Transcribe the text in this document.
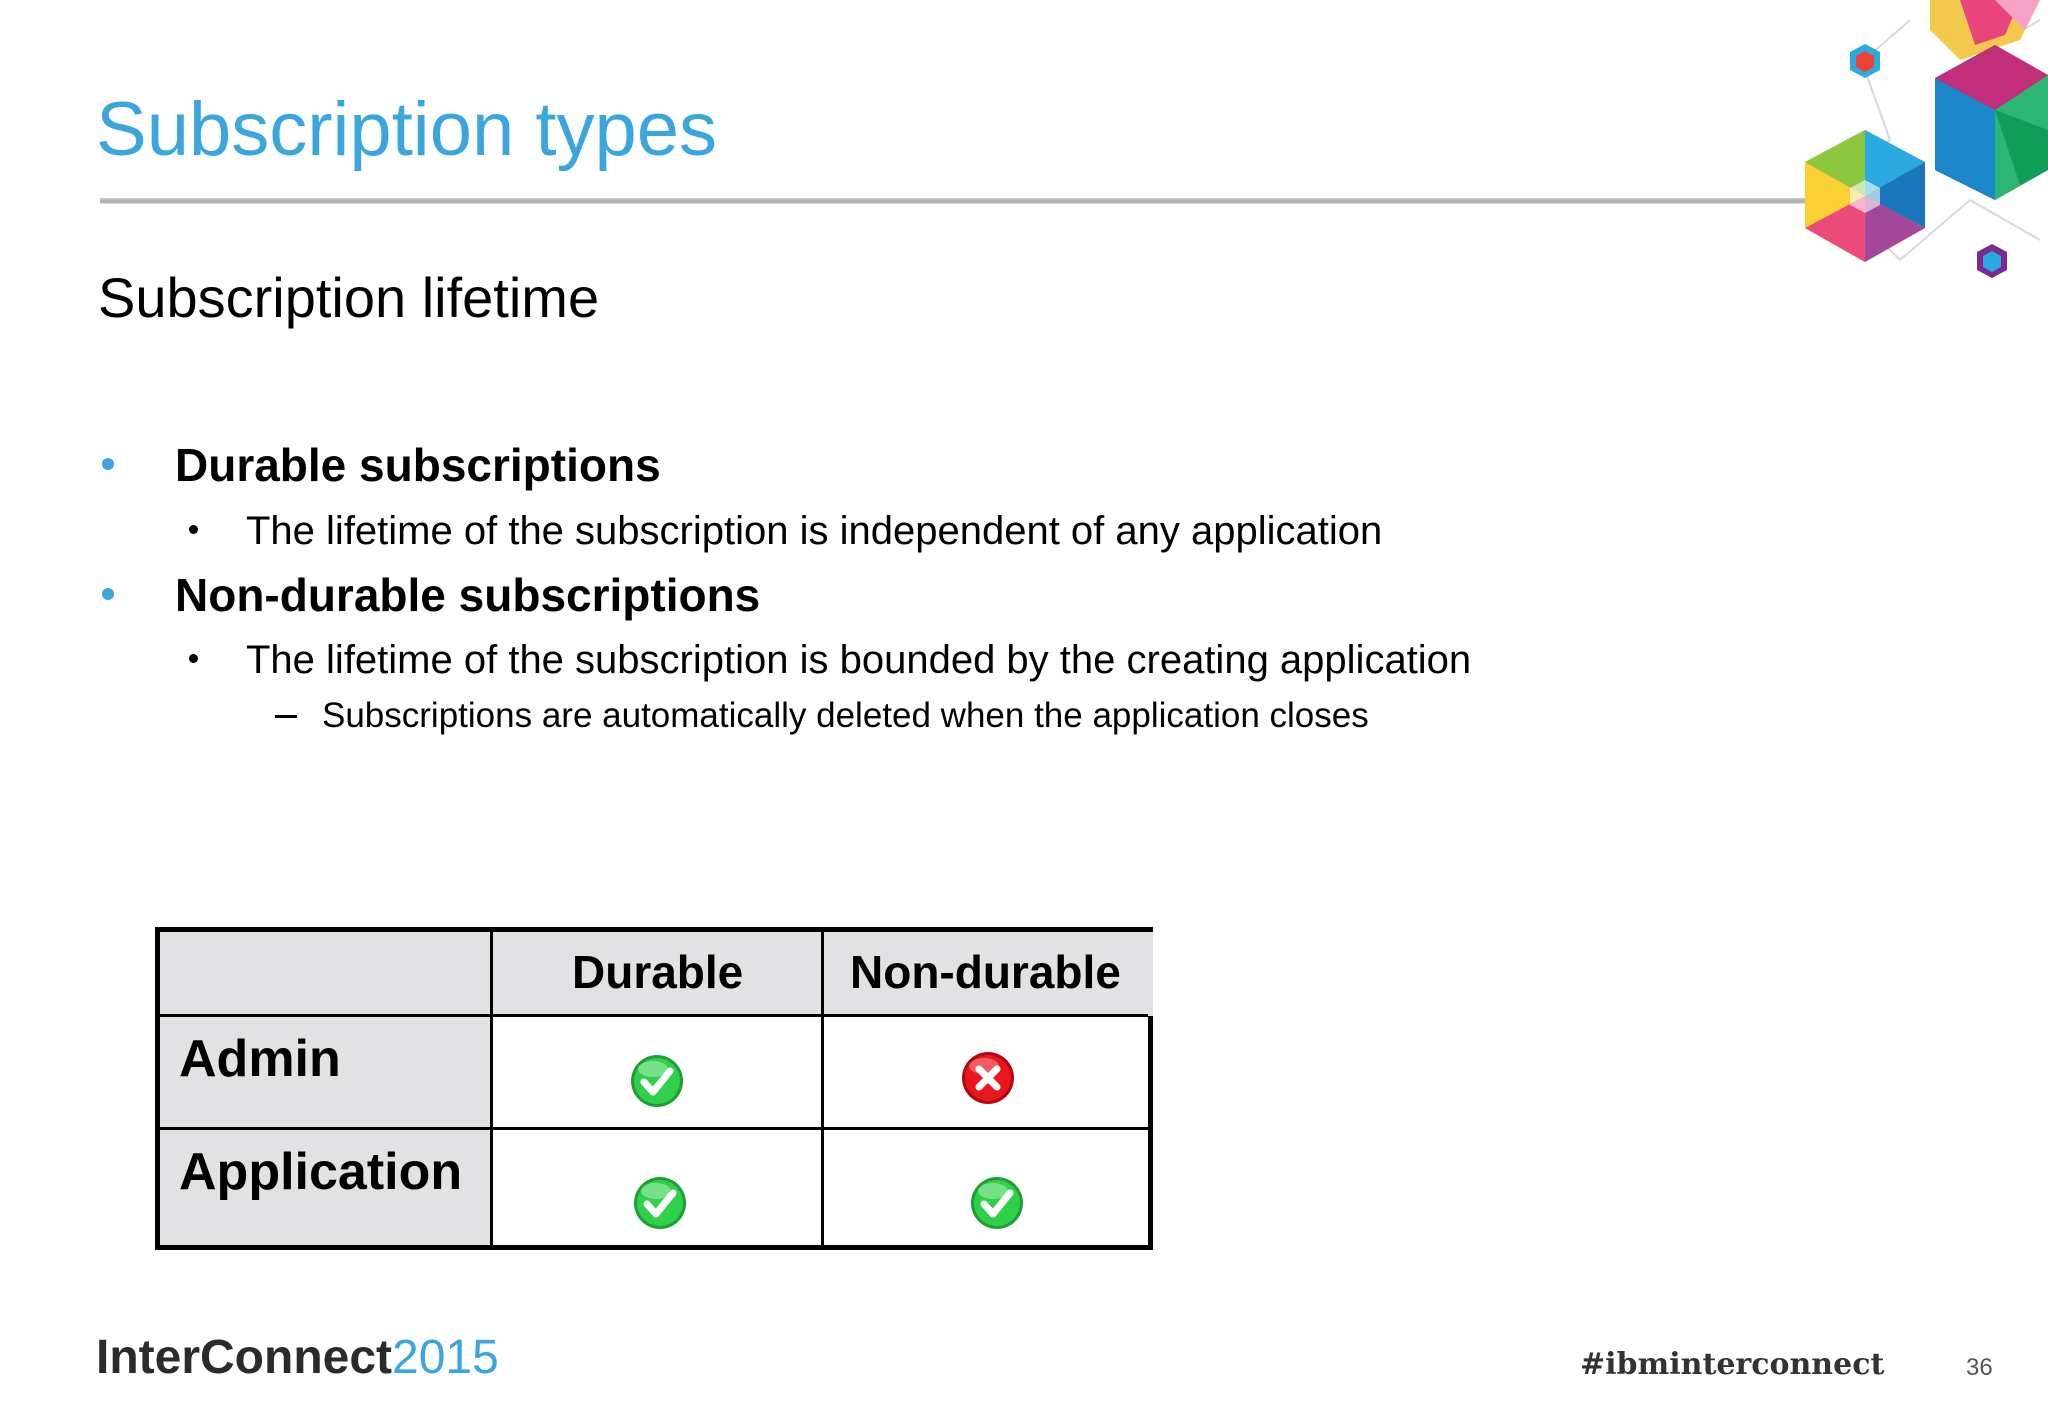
Subscription types
Subscription lifetime
Durable subscriptions
The lifetime of the subscription is independent of any application
Non-durable subscriptions
The lifetime of the subscription is bounded by the creating application
Subscriptions are automatically deleted when the application closes
Durable Non-durable
Admin
Application
InterConnect2015	#ibminterconnect	36
